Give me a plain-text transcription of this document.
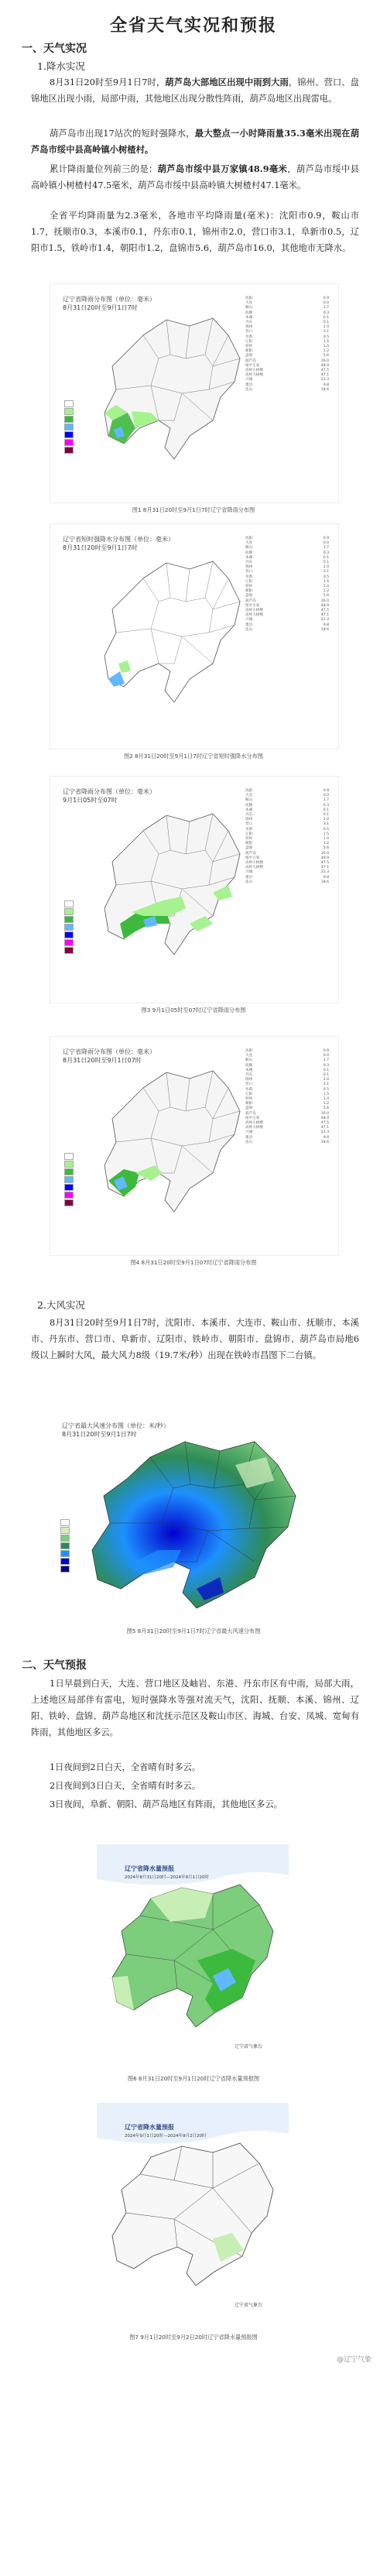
全省天气实况和预报
一、天气实况
1.降水实况
8月31日20时至9月1日7时，葫芦岛大部地区出现中雨到大雨，锦州、营口、盘锦地区出现小雨，局部中雨，其他地区出现分散性阵雨，葫芦岛地区出现雷电。
葫芦岛市出现17站次的短时强降水，最大整点一小时降雨量35.3毫米出现在葫芦岛市绥中县高岭镇小树楂村。
累计降雨量位列前三的是：葫芦岛市绥中县万家镇48.9毫米，葫芦岛市绥中县高岭镇小树楂村47.5毫米，葫芦岛市绥中县高岭镇大树楂村47.1毫米。
全省平均降雨量为2.3毫米，各地市平均降雨量(毫米)：沈阳市0.9，鞍山市1.7，抚顺市0.3，本溪市0.1，丹东市0.1，锦州市2.0，营口市3.1，阜新市0.5，辽阳市1.5，铁岭市1.4，朝阳市1.2，盘锦市5.6，葫芦岛市16.0，其他地市无降水。
辽宁省降雨分布图（单位：毫米）
8月31日20时至9月1日7时
沈阳	0.9
大连	0.0
鞍山	1.7
抚顺	0.3
本溪	0.1
丹东	0.1
锦州	2.0
营口	3.1
阜新	0.5
辽阳	1.5
铁岭	1.4
朝阳	1.2
盘锦	5.6
葫芦岛	16.0
绥中万家	48.9
高岭小树楂	47.5
高岭大树楂	47.1
兴城	22.3
建昌	9.8
连山	18.6
图1 8月31日20时至9月1日7时辽宁省降雨分布图
辽宁省短时强降水分布图（单位：毫米）
8月31日20时至9月1日7时
沈阳	0.9
大连	0.0
鞍山	1.7
抚顺	0.3
本溪	0.1
丹东	0.1
锦州	2.0
营口	3.1
阜新	0.5
辽阳	1.5
铁岭	1.4
朝阳	1.2
盘锦	5.6
葫芦岛	16.0
绥中万家	48.9
高岭小树楂	47.5
高岭大树楂	47.1
兴城	22.3
建昌	9.8
连山	18.6
图2 8月31日20时至9月1日7时辽宁省短时强降水分布图
辽宁省降雨分布图（单位：毫米）
9月1日05时至07时
沈阳	0.9
大连	0.0
鞍山	1.7
抚顺	0.3
本溪	0.1
丹东	0.1
锦州	2.0
营口	3.1
阜新	0.5
辽阳	1.5
铁岭	1.4
朝阳	1.2
盘锦	5.6
葫芦岛	16.0
绥中万家	48.9
高岭小树楂	47.5
高岭大树楂	47.1
兴城	22.3
建昌	9.8
连山	18.6
图3 9月1日05时至07时辽宁省降雨分布图
辽宁省降雨分布图（单位：毫米）
8月31日20时至9月1日07时
沈阳	0.9
大连	0.0
鞍山	1.7
抚顺	0.3
本溪	0.1
丹东	0.1
锦州	2.0
营口	3.1
阜新	0.5
辽阳	1.5
铁岭	1.4
朝阳	1.2
盘锦	5.6
葫芦岛	16.0
绥中万家	48.9
高岭小树楂	47.5
高岭大树楂	47.1
兴城	22.3
建昌	9.8
连山	18.6
图4 8月31日20时至9月1日07时辽宁省降雨分布图
2.大风实况
8月31日20时至9月1日7时，沈阳市、本溪市、大连市、鞍山市、抚顺市、本溪市、丹东市、营口市、阜新市、辽阳市、铁岭市、朝阳市、盘锦市、葫芦岛市局地6级以上瞬时大风，最大风力8级（19.7米/秒）出现在铁岭市昌图下二台镇。
辽宁省最大风速分布图（单位：米/秒）
8月31日20时至9月1日7时
图5 8月31日20时至9月1日7时辽宁省最大风速分布图
二、天气预报
1日早晨到白天，大连、营口地区及岫岩、东港、丹东市区有中雨，局部大雨，上述地区局部伴有雷电，短时强降水等强对流天气，沈阳、抚顺、本溪、锦州、辽阳、铁岭、盘锦、葫芦岛地区和沈抚示范区及鞍山市区、海城、台安、凤城、宽甸有阵雨，其他地区多云。
1日夜间到2日白天，全省晴有时多云。
2日夜间到3日白天，全省晴有时多云。
3日夜间，阜新、朝阳、葫芦岛地区有阵雨，其他地区多云。
辽宁省降水量预报
2024年8月31日20时—2024年9月1日20时
辽宁省气象台
图6 8月31日20时至9月1日20时辽宁省降水量预报图
辽宁省降水量预报
2024年9月1日20时—2024年9月2日20时
辽宁省气象台
图7 9月1日20时至9月2日20时辽宁省降水量预报图
@辽宁气象
